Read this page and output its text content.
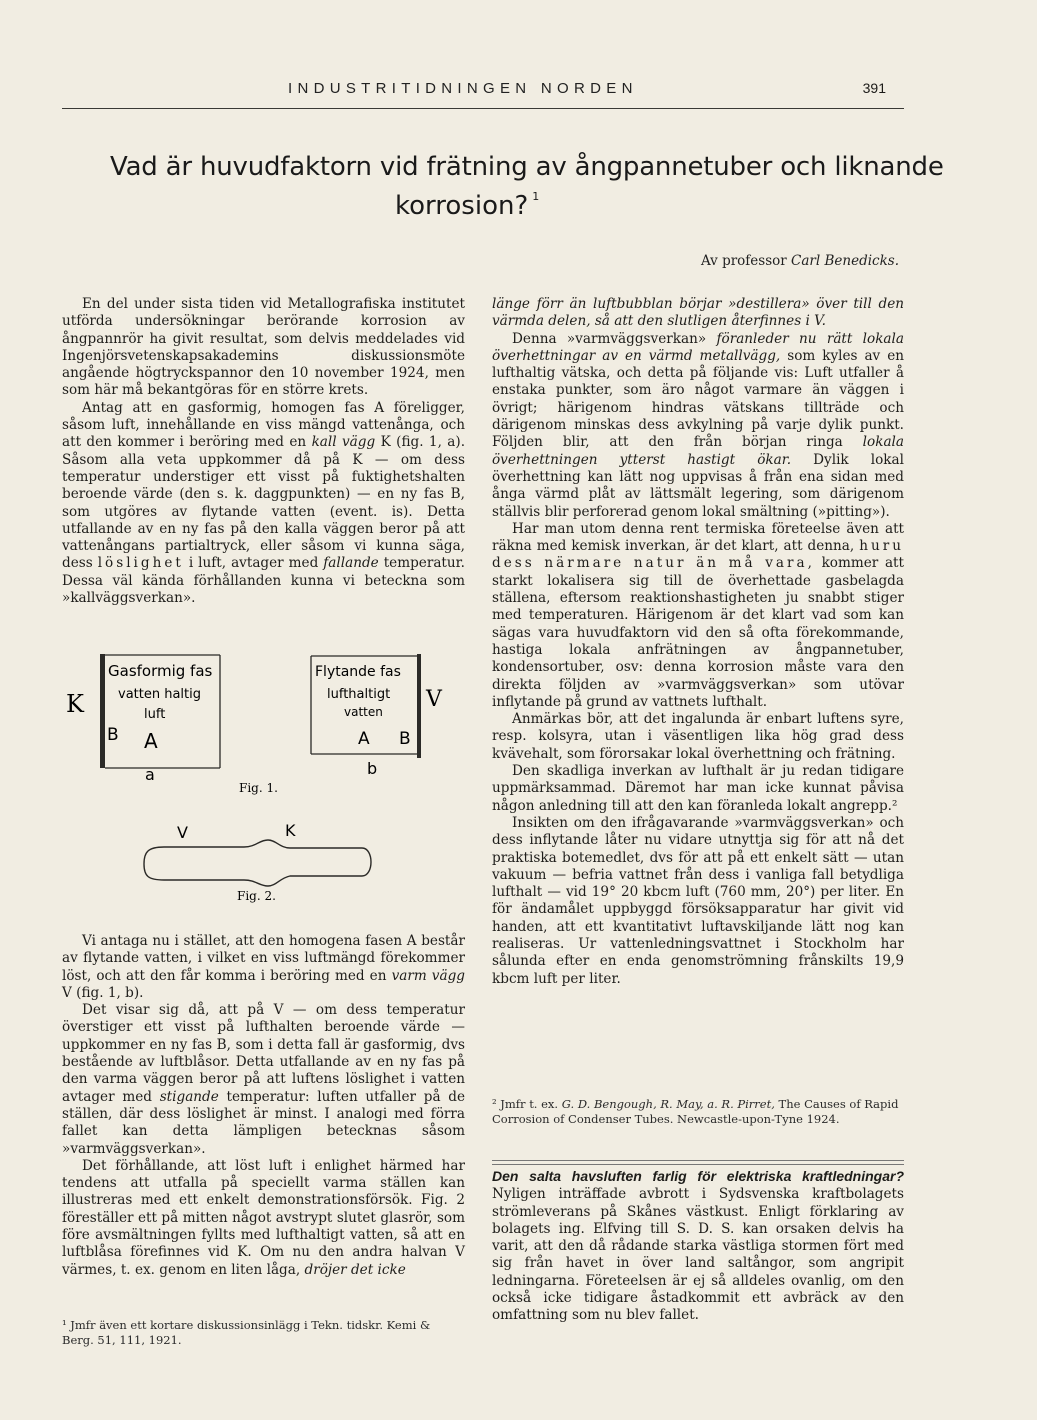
INDUSTRITIDNINGEN NORDEN	391
Vad är huvudfaktorn vid frätning av ångpannetuber och liknande
korrosion? $^1$
Av professor Carl Benedicks.

En del under sista tiden vid Metallografiska institutet utförda undersökningar berörande korrosion av ångpannrör ha givit resultat, som delvis meddelades vid Ingenjörsvetenskapsakademins diskussionsmöte angående högtryckspannor den 10 november 1924, men som här må bekantgöras för en större krets.

Antag att en gasformig, homogen fas A föreligger, såsom luft, innehållande en viss mängd vattenånga, och att den kommer i beröring med en kall vägg K (fig. 1, a). Såsom alla veta uppkommer då på K — om dess temperatur understiger ett visst på fuktighetshalten beroende värde (den s. k. daggpunkten) — en ny fas B, som utgöres av flytande vatten (event. is). Detta utfallande av en ny fas på den kalla väggen beror på att vattenångans partialtryck, eller såsom vi kunna säga, dess löslighet i luft, avtager med fallande temperatur. Dessa väl kända förhållanden kunna vi beteckna som »kallväggsverkan».

Gasformig fas
vatten haltig
luft
B A
K
a
Flytande fas
lufthaltigt
vatten
A B
V
b
Fig. 1.
V	K
Fig. 2.

Vi antaga nu i stället, att den homogena fasen A består av flytande vatten, i vilket en viss luftmängd förekommer löst, och att den får komma i beröring med en varm vägg V (fig. 1, b).

Det visar sig då, att på V — om dess temperatur överstiger ett visst på lufthalten beroende värde — uppkommer en ny fas B, som i detta fall är gasformig, dvs bestående av luftblåsor. Detta utfallande av en ny fas på den varma väggen beror på att luftens löslighet i vatten avtager med stigande temperatur: luften utfaller på de ställen, där dess löslighet är minst. I analogi med förra fallet kan detta lämpligen betecknas såsom »varmväggsverkan».

Det förhållande, att löst luft i enlighet härmed har tendens att utfalla på speciellt varma ställen kan illustreras med ett enkelt demonstrationsförsök. Fig. 2 föreställer ett på mitten något avstrypt slutet glasrör, som före avsmältningen fyllts med lufthaltigt vatten, så att en luftblåsa förefinnes vid K. Om nu den andra halvan V värmes, t. ex. genom en liten låga, dröjer det icke

¹ Jmfr även ett kortare diskussionsinlägg i Tekn. tidskr. Kemi & Berg. 51, 111, 1921.

länge förr än luftbubblan börjar »destillera» över till den värmda delen, så att den slutligen återfinnes i V.

Denna »varmväggsverkan» föranleder nu rätt lokala överhettningar av en värmd metallvägg, som kyles av en lufthaltig vätska, och detta på följande vis: Luft utfaller å enstaka punkter, som äro något varmare än väggen i övrigt; härigenom hindras vätskans tillträde och därigenom minskas dess avkylning på varje dylik punkt. Följden blir, att den från början ringa lokala överhettningen ytterst hastigt ökar. Dylik lokal överhettning kan lätt nog uppvisas å från ena sidan med ånga värmd plåt av lättsmält legering, som därigenom ställvis blir perforerad genom lokal smältning (»pitting»).

Har man utom denna rent termiska företeelse även att räkna med kemisk inverkan, är det klart, att denna, huru dess närmare natur än må vara, kommer att starkt lokalisera sig till de överhettade gasbelagda ställena, eftersom reaktionshastigheten ju snabbt stiger med temperaturen. Härigenom är det klart vad som kan sägas vara huvudfaktorn vid den så ofta förekommande, hastiga lokala anfrätningen av ångpannetuber, kondensortuber, osv: denna korrosion måste vara den direkta följden av »varmväggsverkan» som utövar inflytande på grund av vattnets lufthalt.

Anmärkas bör, att det ingalunda är enbart luftens syre, resp. kolsyra, utan i väsentligen lika hög grad dess kvävehalt, som förorsakar lokal överhettning och frätning.

Den skadliga inverkan av lufthalt är ju redan tidigare uppmärksammad. Däremot har man icke kunnat påvisa någon anledning till att den kan föranleda lokalt angrepp.²

Insikten om den ifrågavarande »varmväggsverkan» och dess inflytande låter nu vidare utnyttja sig för att nå det praktiska botemedlet, dvs för att på ett enkelt sätt — utan vakuum — befria vattnet från dess i vanliga fall betydliga lufthalt — vid 19° 20 kbcm luft (760 mm, 20°) per liter. En för ändamålet uppbyggd försöksapparatur har givit vid handen, att ett kvantitativt luftavskiljande lätt nog kan realiseras. Ur vattenledningsvattnet i Stockholm har sålunda efter en enda genomströmning frånskilts 19,9 kbcm luft per liter.

² Jmfr t. ex. G. D. Bengough, R. May, a. R. Pirret, The Causes of Rapid Corrosion of Condenser Tubes. Newcastle-upon-Tyne 1924.

Den salta havsluften farlig för elektriska kraftledningar? Nyligen inträffade avbrott i Sydsvenska kraftbolagets strömleverans på Skånes västkust. Enligt förklaring av bolagets ing. Elfving till S. D. S. kan orsaken delvis ha varit, att den då rådande starka västliga stormen fört med sig från havet in över land saltångor, som angripit ledningarna. Företeelsen är ej så alldeles ovanlig, om den också icke tidigare åstadkommit ett avbräck av den omfattning som nu blev fallet.
